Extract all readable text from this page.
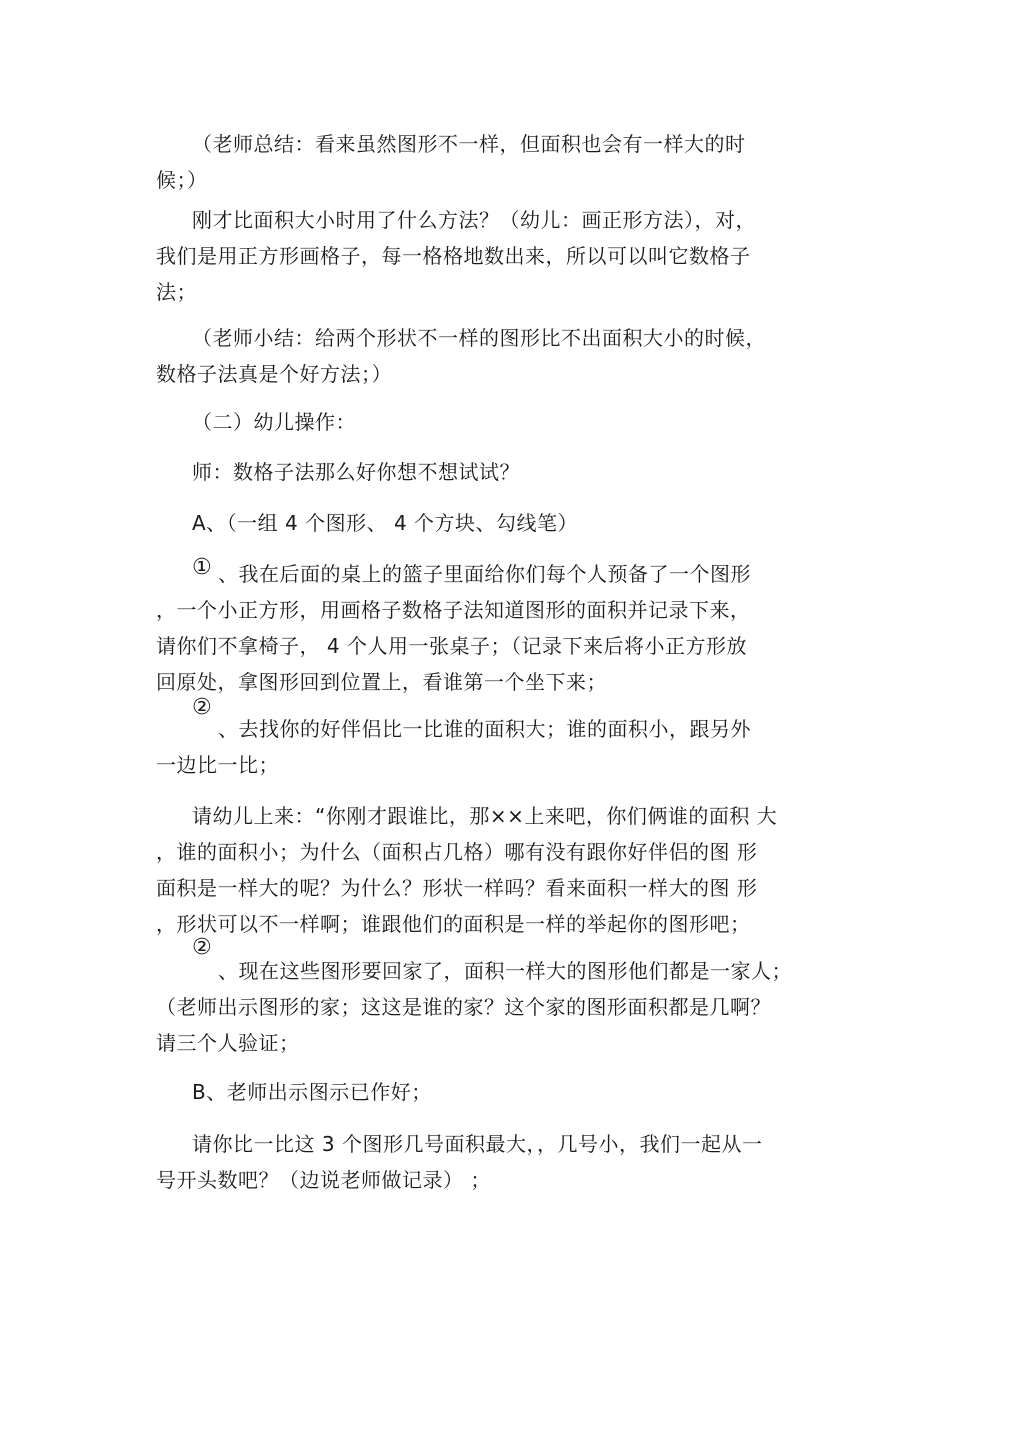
（老师总结：看来虽然图形不一样，但面积也会有一样大的时
候；）

刚才比面积大小时用了什么方法？（幼儿：画正形方法），对，
我们是用正方形画格子，每一格格地数出来，所以可以叫它数格子
法；

（老师小结：给两个形状不一样的图形比不出面积大小的时候，
数格子法真是个好方法；）

（二）幼儿操作：

师：数格子法那么好你想不想试试？

A、（一组 4 个图形、 4 个方块、勾线笔）

① 、我在后面的桌上的篮子里面给你们每个人预备了一个图形
，一个小正方形，用画格子数格子法知道图形的面积并记录下来，
请你们不拿椅子， 4 个人用一张桌子；（记录下来后将小正方形放
回原处，拿图形回到位置上，看谁第一个坐下来；

②

、去找你的好伴侣比一比谁的面积大；谁的面积小，跟另外
一边比一比；

请幼儿上来：“你刚才跟谁比，那××上来吧，你们俩谁的面积 大
，谁的面积小；为什么（面积占几格）哪有没有跟你好伴侣的图 形
面积是一样大的呢？为什么？形状一样吗？看来面积一样大的图 形
，形状可以不一样啊；谁跟他们的面积是一样的举起你的图形吧；

②

、现在这些图形要回家了，面积一样大的图形他们都是一家人；
（老师出示图形的家；这这是谁的家？这个家的图形面积都是几啊？
请三个人验证；

B、老师出示图示已作好；

请你比一比这 3 个图形几号面积最大，，几号小，我们一起从一
号开头数吧？（边说老师做记录） ；
